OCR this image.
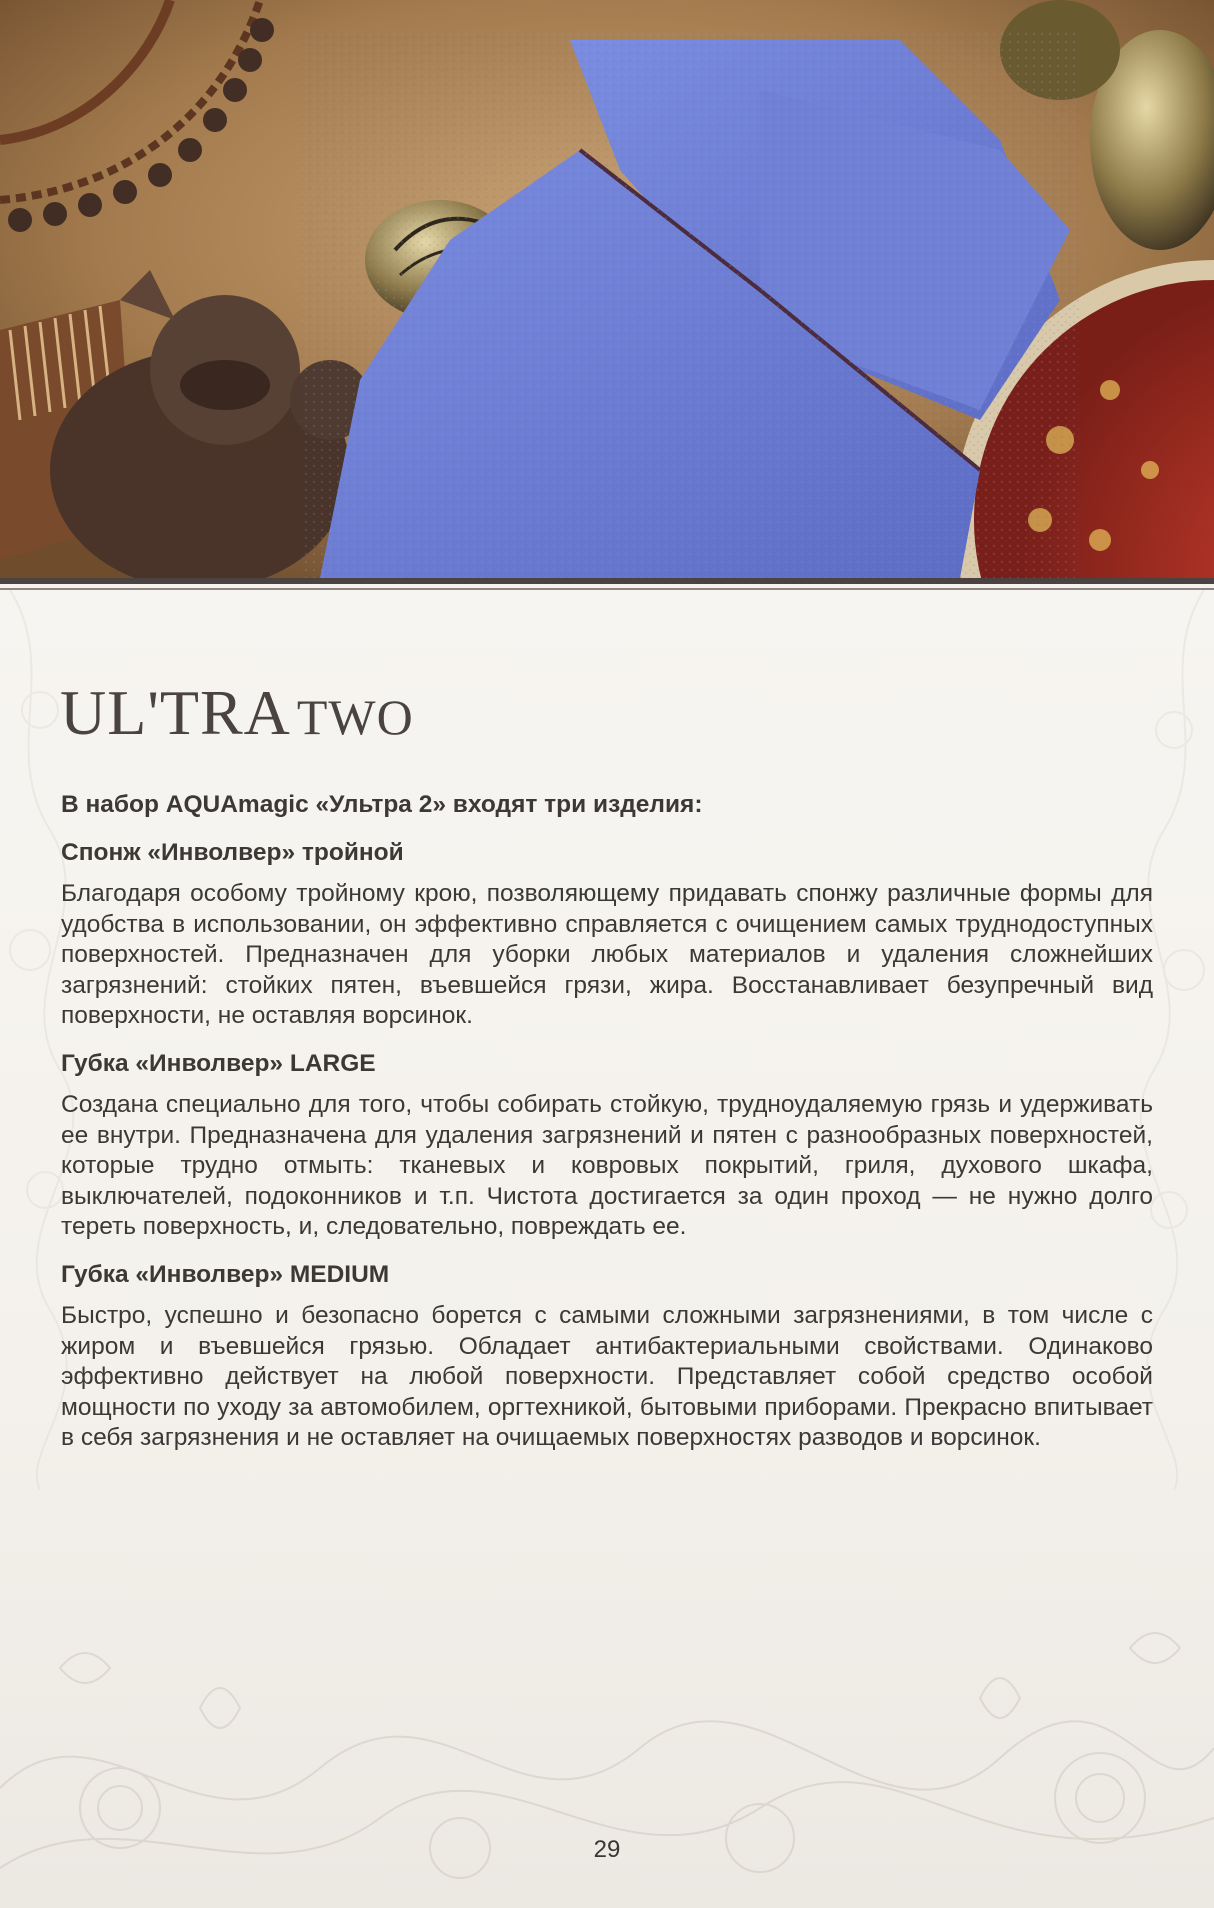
UL'TRA TWO

В набор AQUAmagic «Ультра 2» входят три изделия:

Спонж «Инволвер» тройной

Благодаря особому тройному крою, позволяющему придавать спонжу различные формы для удобства в использовании, он эффективно справляется с очищением самых труднодоступных поверхностей. Предназначен для уборки любых материалов и удаления сложнейших загрязнений: стойких пятен, въевшейся грязи, жира. Восстанавливает безупречный вид поверхности, не оставляя ворсинок.

Губка «Инволвер» LARGE

Создана специально для того, чтобы собирать стойкую, трудноудаляемую грязь и удерживать ее внутри. Предназначена для удаления загрязнений и пятен с разнообразных поверхностей, которые трудно отмыть: тканевых и ковровых покрытий, гриля, духового шкафа, выключателей, подоконников и т.п. Чистота достигается за один проход — не нужно долго тереть поверхность, и, следовательно, повреждать ее.

Губка «Инволвер» MEDIUM

Быстро, успешно и безопасно борется с самыми сложными загрязнениями, в том числе с жиром и въевшейся грязью. Обладает антибактериальными свойствами. Одинаково эффективно действует на любой поверхности. Представляет собой средство особой мощности по уходу за автомобилем, оргтехникой, бытовыми приборами. Прекрасно впитывает в себя загрязнения и не оставляет на очищаемых поверхностях разводов и ворсинок.

29
